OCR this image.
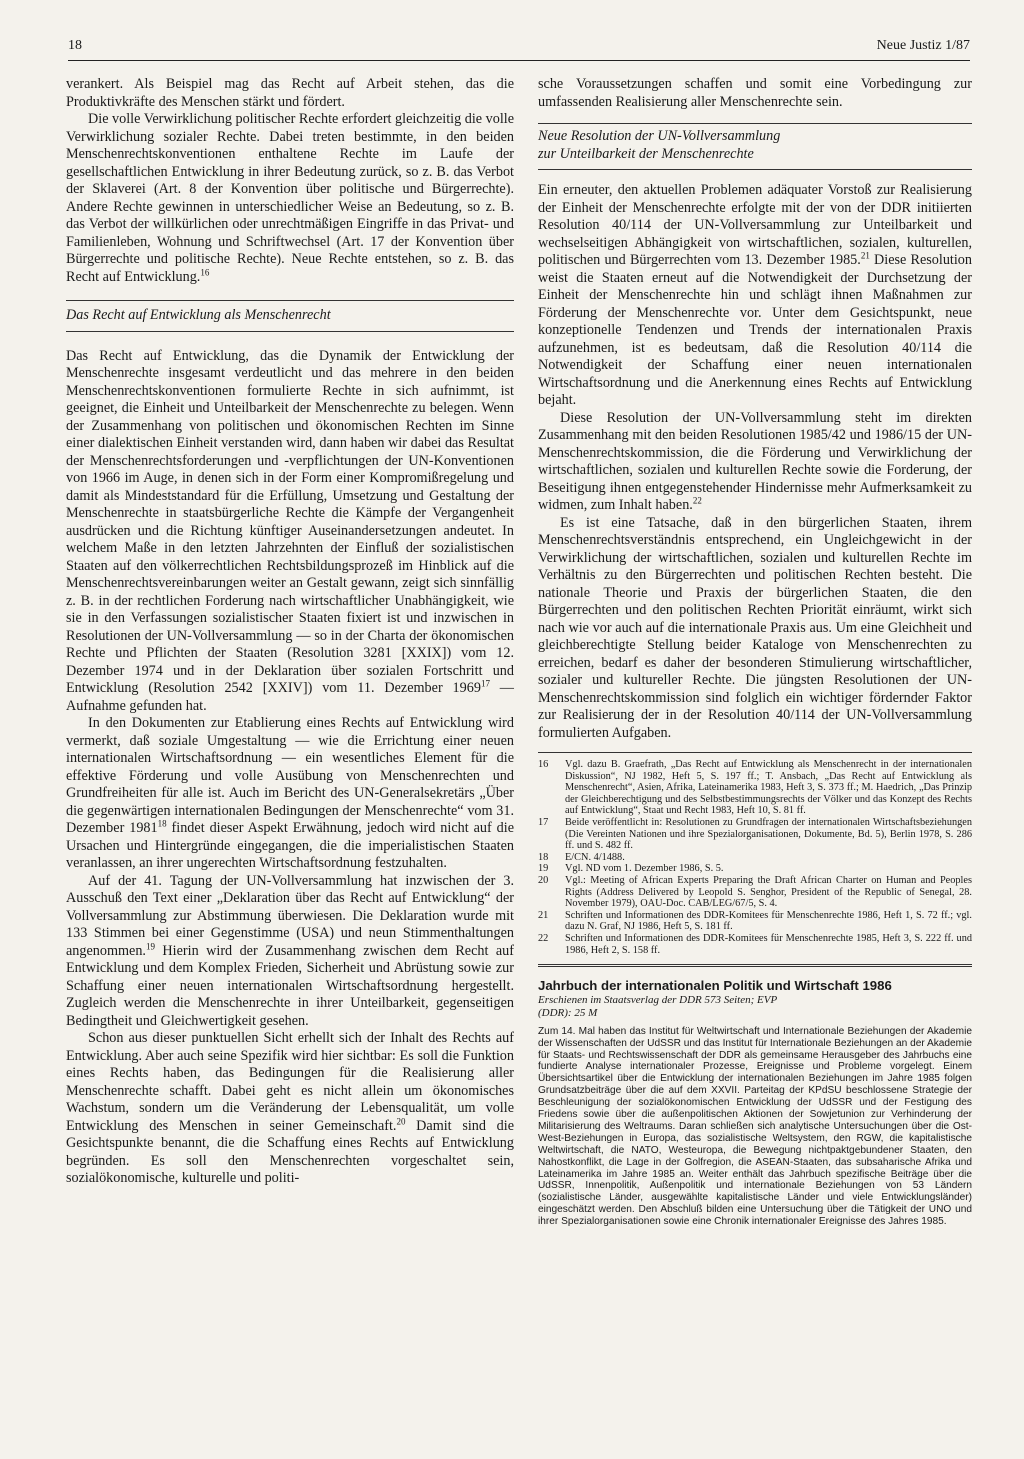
18	Neue Justiz 1/87

verankert. Als Beispiel mag das Recht auf Arbeit stehen, das die Produktivkräfte des Menschen stärkt und fördert.

Die volle Verwirklichung politischer Rechte erfordert gleichzeitig die volle Verwirklichung sozialer Rechte. Dabei treten bestimmte, in den beiden Menschenrechtskonventionen enthaltene Rechte im Laufe der gesellschaftlichen Entwicklung in ihrer Bedeutung zurück, so z. B. das Verbot der Sklaverei (Art. 8 der Konvention über politische und Bürgerrechte). Andere Rechte gewinnen in unterschiedlicher Weise an Bedeutung, so z. B. das Verbot der willkürlichen oder unrechtmäßigen Eingriffe in das Privat- und Familienleben, Wohnung und Schriftwechsel (Art. 17 der Konvention über Bürgerrechte und politische Rechte). Neue Rechte entstehen, so z. B. das Recht auf Entwicklung.$^{16}$

Das Recht auf Entwicklung als Menschenrecht

Das Recht auf Entwicklung, das die Dynamik der Entwicklung der Menschenrechte insgesamt verdeutlicht und das mehrere in den beiden Menschenrechtskonventionen formulierte Rechte in sich aufnimmt, ist geeignet, die Einheit und Unteilbarkeit der Menschenrechte zu belegen. Wenn der Zusammenhang von politischen und ökonomischen Rechten im Sinne einer dialektischen Einheit verstanden wird, dann haben wir dabei das Resultat der Menschenrechtsforderungen und -verpflichtungen der UN-Konventionen von 1966 im Auge, in denen sich in der Form einer Kompromißregelung und damit als Mindeststandard für die Erfüllung, Umsetzung und Gestaltung der Menschenrechte in staatsbürgerliche Rechte die Kämpfe der Vergangenheit ausdrücken und die Richtung künftiger Auseinandersetzungen andeutet. In welchem Maße in den letzten Jahrzehnten der Einfluß der sozialistischen Staaten auf den völkerrechtlichen Rechtsbildungsprozeß im Hinblick auf die Menschenrechtsvereinbarungen weiter an Gestalt gewann, zeigt sich sinnfällig z. B. in der rechtlichen Forderung nach wirtschaftlicher Unabhängigkeit, wie sie in den Verfassungen sozialistischer Staaten fixiert ist und inzwischen in Resolutionen der UN-Vollversammlung — so in der Charta der ökonomischen Rechte und Pflichten der Staaten (Resolution 3281 [XXIX]) vom 12. Dezember 1974 und in der Deklaration über sozialen Fortschritt und Entwicklung (Resolution 2542 [XXIV]) vom 11. Dezember 1969$^{17}$ — Aufnahme gefunden hat.

In den Dokumenten zur Etablierung eines Rechts auf Entwicklung wird vermerkt, daß soziale Umgestaltung — wie die Errichtung einer neuen internationalen Wirtschaftsordnung — ein wesentliches Element für die effektive Förderung und volle Ausübung von Menschenrechten und Grundfreiheiten für alle ist. Auch im Bericht des UN-Generalsekretärs „Über die gegenwärtigen internationalen Bedingungen der Menschenrechte“ vom 31. Dezember 1981$^{18}$ findet dieser Aspekt Erwähnung, jedoch wird nicht auf die Ursachen und Hintergründe eingegangen, die die imperialistischen Staaten veranlassen, an ihrer ungerechten Wirtschaftsordnung festzuhalten.

Auf der 41. Tagung der UN-Vollversammlung hat inzwischen der 3. Ausschuß den Text einer „Deklaration über das Recht auf Entwicklung“ der Vollversammlung zur Abstimmung überwiesen. Die Deklaration wurde mit 133 Stimmen bei einer Gegenstimme (USA) und neun Stimmenthaltungen angenommen.$^{19}$ Hierin wird der Zusammenhang zwischen dem Recht auf Entwicklung und dem Komplex Frieden, Sicherheit und Abrüstung sowie zur Schaffung einer neuen internationalen Wirtschaftsordnung hergestellt. Zugleich werden die Menschenrechte in ihrer Unteilbarkeit, gegenseitigen Bedingtheit und Gleichwertigkeit gesehen.

Schon aus dieser punktuellen Sicht erhellt sich der Inhalt des Rechts auf Entwicklung. Aber auch seine Spezifik wird hier sichtbar: Es soll die Funktion eines Rechts haben, das Bedingungen für die Realisierung aller Menschenrechte schafft. Dabei geht es nicht allein um ökonomisches Wachstum, sondern um die Veränderung der Lebensqualität, um volle Entwicklung des Menschen in seiner Gemeinschaft.$^{20}$ Damit sind die Gesichtspunkte benannt, die die Schaffung eines Rechts auf Entwicklung begründen. Es soll den Menschenrechten vorgeschaltet sein, sozialökonomische, kulturelle und politi-

sche Voraussetzungen schaffen und somit eine Vorbedingung zur umfassenden Realisierung aller Menschenrechte sein.

Neue Resolution der UN-Vollversammlung
zur Unteilbarkeit der Menschenrechte

Ein erneuter, den aktuellen Problemen adäquater Vorstoß zur Realisierung der Einheit der Menschenrechte erfolgte mit der von der DDR initiierten Resolution 40/114 der UN-Vollversammlung zur Unteilbarkeit und wechselseitigen Abhängigkeit von wirtschaftlichen, sozialen, kulturellen, politischen und Bürgerrechten vom 13. Dezember 1985.21 Diese Resolution weist die Staaten erneut auf die Notwendigkeit der Durchsetzung der Einheit der Menschenrechte hin und schlägt ihnen Maßnahmen zur Förderung der Menschenrechte vor. Unter dem Gesichtspunkt, neue konzeptionelle Tendenzen und Trends der internationalen Praxis aufzunehmen, ist es bedeutsam, daß die Resolution 40/114 die Notwendigkeit der Schaffung einer neuen internationalen Wirtschaftsordnung und die Anerkennung eines Rechts auf Entwicklung bejaht.

Diese Resolution der UN-Vollversammlung steht im direkten Zusammenhang mit den beiden Resolutionen 1985/42 und 1986/15 der UN-Menschenrechtskommission, die die Förderung und Verwirklichung der wirtschaftlichen, sozialen und kulturellen Rechte sowie die Forderung, der Beseitigung ihnen entgegenstehender Hindernisse mehr Aufmerksamkeit zu widmen, zum Inhalt haben.$^{22}$

Es ist eine Tatsache, daß in den bürgerlichen Staaten, ihrem Menschenrechtsverständnis entsprechend, ein Ungleichgewicht in der Verwirklichung der wirtschaftlichen, sozialen und kulturellen Rechte im Verhältnis zu den Bürgerrechten und politischen Rechten besteht. Die nationale Theorie und Praxis der bürgerlichen Staaten, die den Bürgerrechten und den politischen Rechten Priorität einräumt, wirkt sich nach wie vor auch auf die internationale Praxis aus. Um eine Gleichheit und gleichberechtigte Stellung beider Kataloge von Menschenrechten zu erreichen, bedarf es daher der besonderen Stimulierung wirtschaftlicher, sozialer und kultureller Rechte. Die jüngsten Resolutionen der UN-Menschenrechtskommission sind folglich ein wichtiger fördernder Faktor zur Realisierung der in der Resolution 40/114 der UN-Vollversammlung formulierten Aufgaben.

16 Vgl. dazu B. Graefrath, „Das Recht auf Entwicklung als Menschenrecht in der internationalen Diskussion“, NJ 1982, Heft 5, S. 197 ff.; T. Ansbach, „Das Recht auf Entwicklung als Menschenrecht“, Asien, Afrika, Lateinamerika 1983, Heft 3, S. 373 ff.; M. Haedrich, „Das Prinzip der Gleichberechtigung und des Selbstbestimmungsrechts der Völker und das Konzept des Rechts auf Entwicklung“, Staat und Recht 1983, Heft 10, S. 81 ff.
17 Beide veröffentlicht in: Resolutionen zu Grundfragen der internationalen Wirtschaftsbeziehungen (Die Vereinten Nationen und ihre Spezialorganisationen, Dokumente, Bd. 5), Berlin 1978, S. 286 ff. und S. 482 ff.
18 E/CN. 4/1488.
19 Vgl. ND vom 1. Dezember 1986, S. 5.
20 Vgl.: Meeting of African Experts Preparing the Draft African Charter on Human and Peoples Rights (Address Delivered by Leopold S. Senghor, President of the Republic of Senegal, 28. November 1979), OAU-Doc. CAB/LEG/67/5, S. 4.
21 Schriften und Informationen des DDR-Komitees für Menschenrechte 1986, Heft 1, S. 72 ff.; vgl. dazu N. Graf, NJ 1986, Heft 5, S. 181 ff.
22 Schriften und Informationen des DDR-Komitees für Menschenrechte 1985, Heft 3, S. 222 ff. und 1986, Heft 2, S. 158 ff.
Jahrbuch der internationalen Politik und Wirtschaft 1986
Erschienen im Staatsverlag der DDR 573 Seiten; EVP (DDR): 25 M
Zum 14. Mal haben das Institut für Weltwirtschaft und Internationale Beziehungen der Akademie der Wissenschaften der UdSSR und das Institut für Internationale Beziehungen an der Akademie für Staats- und Rechtswissenschaft der DDR als gemeinsame Herausgeber des Jahrbuchs eine fundierte Analyse internationaler Prozesse, Ereignisse und Probleme vorgelegt. Einem Übersichtsartikel über die Entwicklung der internationalen Beziehungen im Jahre 1985 folgen Grundsatzbeiträge über die auf dem XXVII. Parteitag der KPdSU beschlossene Strategie der Beschleunigung der sozialökonomischen Entwicklung der UdSSR und der Festigung des Friedens sowie über die außenpolitischen Aktionen der Sowjetunion zur Verhinderung der Militarisierung des Weltraums. Daran schließen sich analytische Untersuchungen über die Ost-West-Beziehungen in Europa, das sozialistische Weltsystem, den RGW, die kapitalistische Weltwirtschaft, die NATO, Westeuropa, die Bewegung nichtpaktgebundener Staaten, den Nahostkonflikt, die Lage in der Golfregion, die ASEAN-Staaten, das subsaharische Afrika und Lateinamerika im Jahre 1985 an. Weiter enthält das Jahrbuch spezifische Beiträge über die UdSSR, Innenpolitik, Außenpolitik und internationale Beziehungen von 53 Ländern (sozialistische Länder, ausgewählte kapitalistische Länder und viele Entwicklungsländer) eingeschätzt werden. Den Abschluß bilden eine Untersuchung über die Tätigkeit der UNO und ihrer Spezialorganisationen sowie eine Chronik internationaler Ereignisse des Jahres 1985.
